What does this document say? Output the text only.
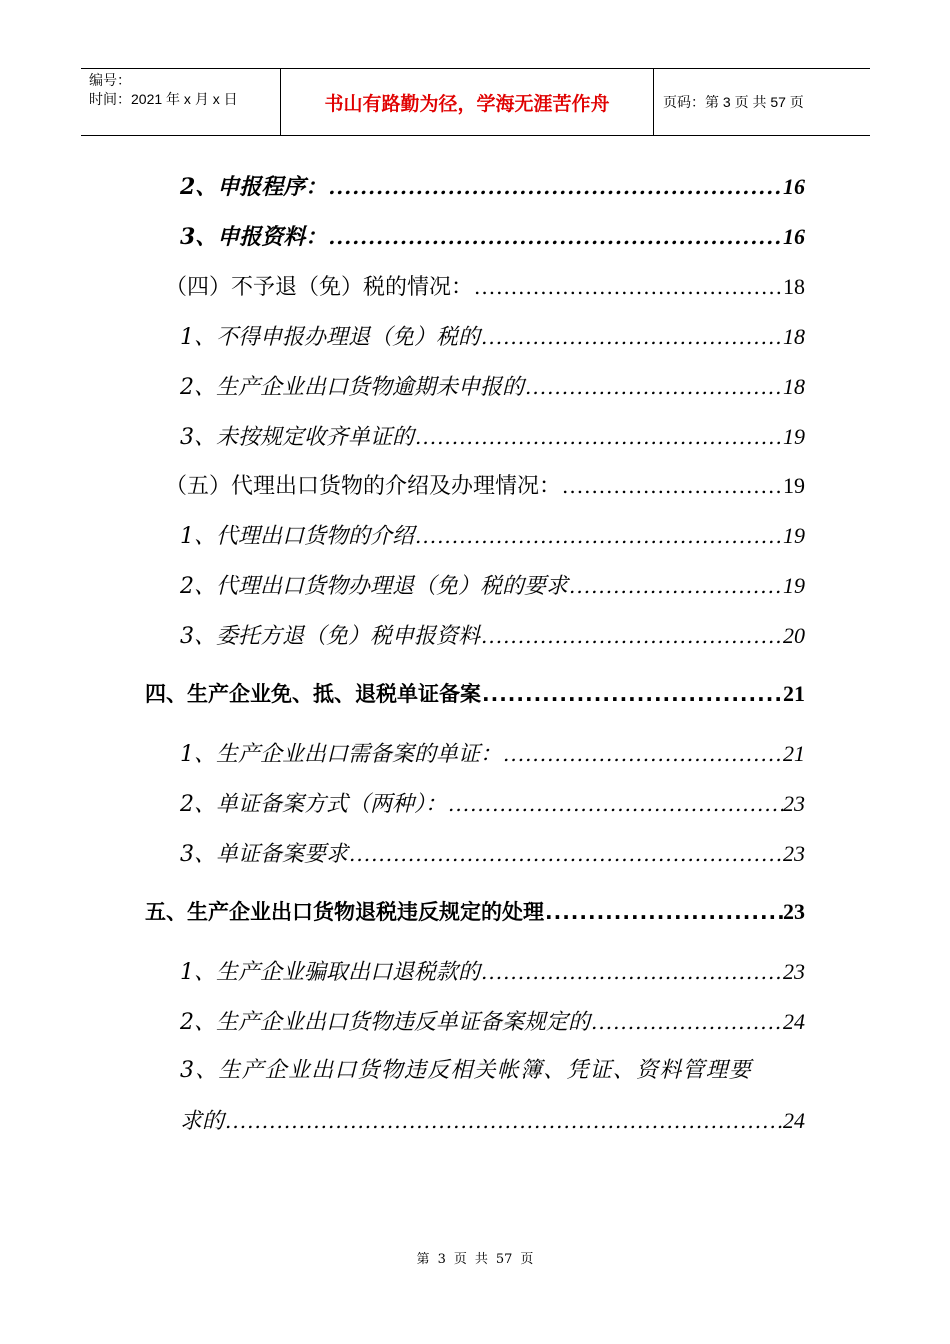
编号：
时间：2021 年 x 月 x 日	书山有路勤为径，学海无涯苦作舟	页码：第 3 页 共 57 页
2、申报程序： .....	16
3、申报资料： .....	16
（四）不予退（免）税的情况： .....	18
1、不得申报办理退（免）税的 .....	18
2、生产企业出口货物逾期未申报的 .....	18
3、未按规定收齐单证的 .....	19
（五）代理出口货物的介绍及办理情况： .....	19
1、代理出口货物的介绍 .....	19
2、代理出口货物办理退（免）税的要求 .....	19
3、委托方退（免）税申报资料 .....	20
四、生产企业免、抵、退税单证备案 .....	21
1、生产企业出口需备案的单证： .....	21
2、单证备案方式（两种）： .....	23
3、单证备案要求 .....	23
五、生产企业出口货物退税违反规定的处理 .....	23
1、生产企业骗取出口退税款的 .....	23
2、生产企业出口货物违反单证备案规定的 .....	24
3、生产企业出口货物违反相关帐簿、凭证、资料管理要
求的 .....	24
第 3 页 共 57 页
